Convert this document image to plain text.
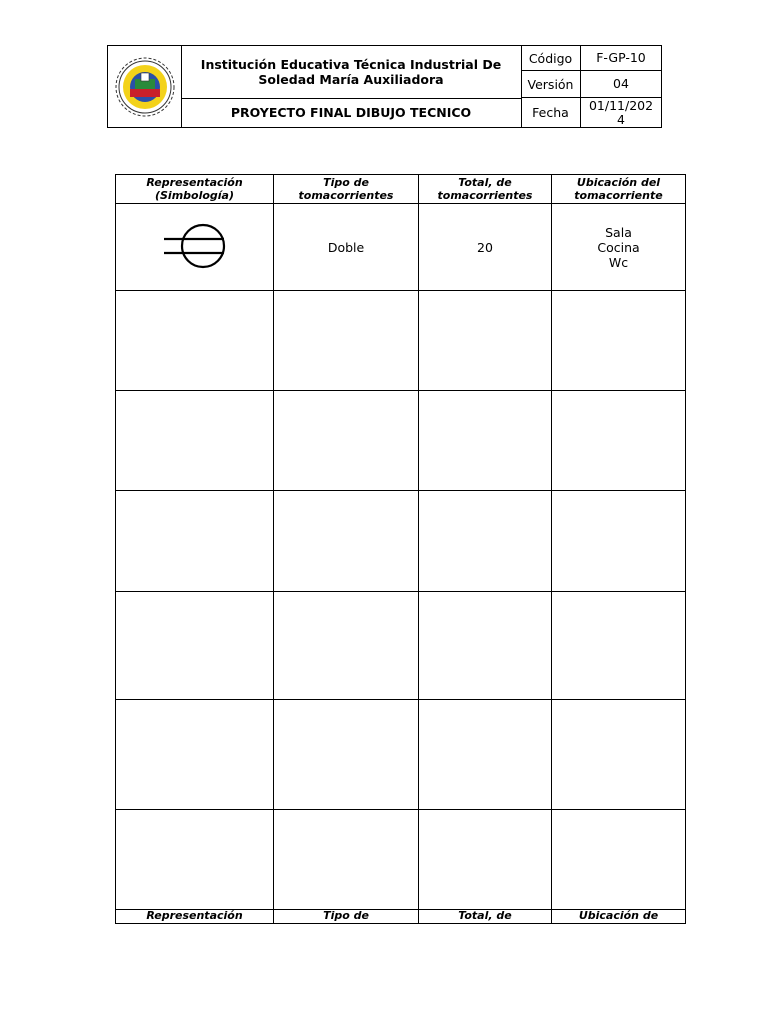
Institución Educativa Técnica Industrial De Soledad María Auxiliadora
PROYECTO FINAL DIBUJO TECNICO
Código	F-GP-10
Versión	04
Fecha	01/11/2024
Representación (Simbología)	Tipo de tomacorrientes	Total, de tomacorrientes	Ubicación del tomacorriente
	Doble	20	Sala
Cocina
Wc

Representación	Tipo de	Total, de	Ubicación de
